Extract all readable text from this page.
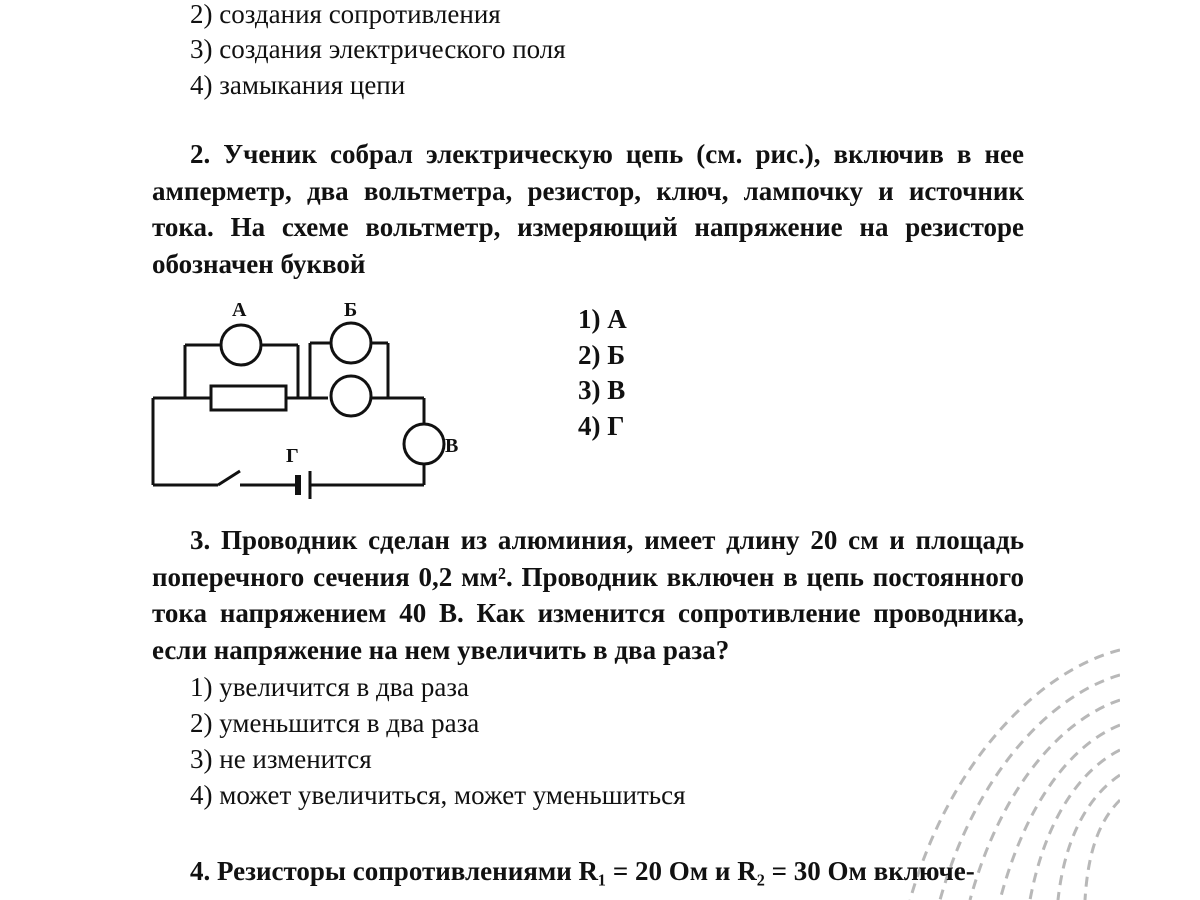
2) создания сопротивления
3) создания электрического поля
4) замыкания цепи
2. Ученик собрал электрическую цепь (см. рис.), включив в нее амперметр, два вольтметра, резистор, ключ, лампочку и источник тока. На схеме вольтметр, измеряющий напряжение на резисторе обозначен буквой
А	Б
В
Г
1) А
2) Б
3) В
4) Г
3. Проводник сделан из алюминия, имеет длину 20 см и площадь поперечного сечения 0,2 мм². Проводник включен в цепь постоянного тока напряжением 40 В. Как изменится сопротивление проводника, если напряжение на нем увеличить в два раза?
1) увеличится в два раза
2) уменьшится в два раза
3) не изменится
4) может увеличиться, может уменьшиться
4. Резисторы сопротивлениями R₁ = 20 Ом и R₂ = 30 Ом включе-
